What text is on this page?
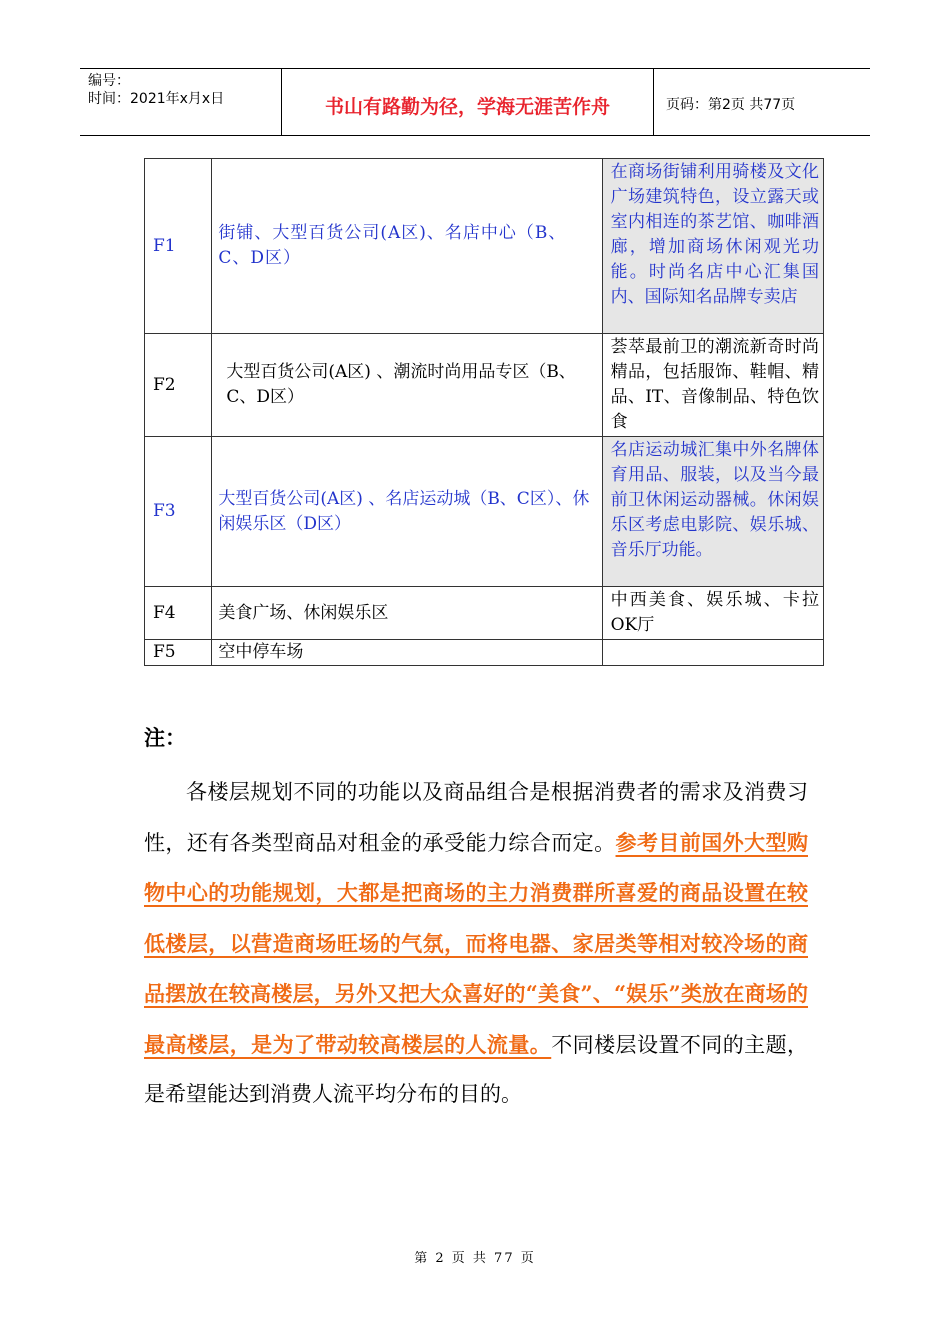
编号：
时间：2021年x月x日	书山有路勤为径，学海无涯苦作舟	页码：第2页 共77页
F1	街铺、大型百货公司(A区)、名店中心（B、C、D区）	在商场街铺利用骑楼及文化广场建筑特色，设立露天或室内相连的茶艺馆、咖啡酒廊，增加商场休闲观光功能。时尚名店中心汇集国内、国际知名品牌专卖店
F2	大型百货公司(A区) 、潮流时尚用品专区（B、C、D区）	荟萃最前卫的潮流新奇时尚精品，包括服饰、鞋帽、精品、IT、音像制品、特色饮食
F3	大型百货公司(A区) 、名店运动城（B、C区）、休闲娱乐区（D区）	名店运动城汇集中外名牌体育用品、服装，以及当今最前卫休闲运动器械。休闲娱乐区考虑电影院、娱乐城、音乐厅功能。
F4	美食广场、休闲娱乐区	中西美食、娱乐城、卡拉OK厅
F5	空中停车场	
注：

各楼层规划不同的功能以及商品组合是根据消费者的需求及消费习性，还有各类型商品对租金的承受能力综合而定。参考目前国外大型购物中心的功能规划，大都是把商场的主力消费群所喜爱的商品设置在较低楼层，以营造商场旺场的气氛，而将电器、家居类等相对较冷场的商品摆放在较高楼层，另外又把大众喜好的“美食”、“娱乐”类放在商场的最高楼层，是为了带动较高楼层的人流量。不同楼层设置不同的主题，是希望能达到消费人流平均分布的目的。

第 2 页 共 77 页
